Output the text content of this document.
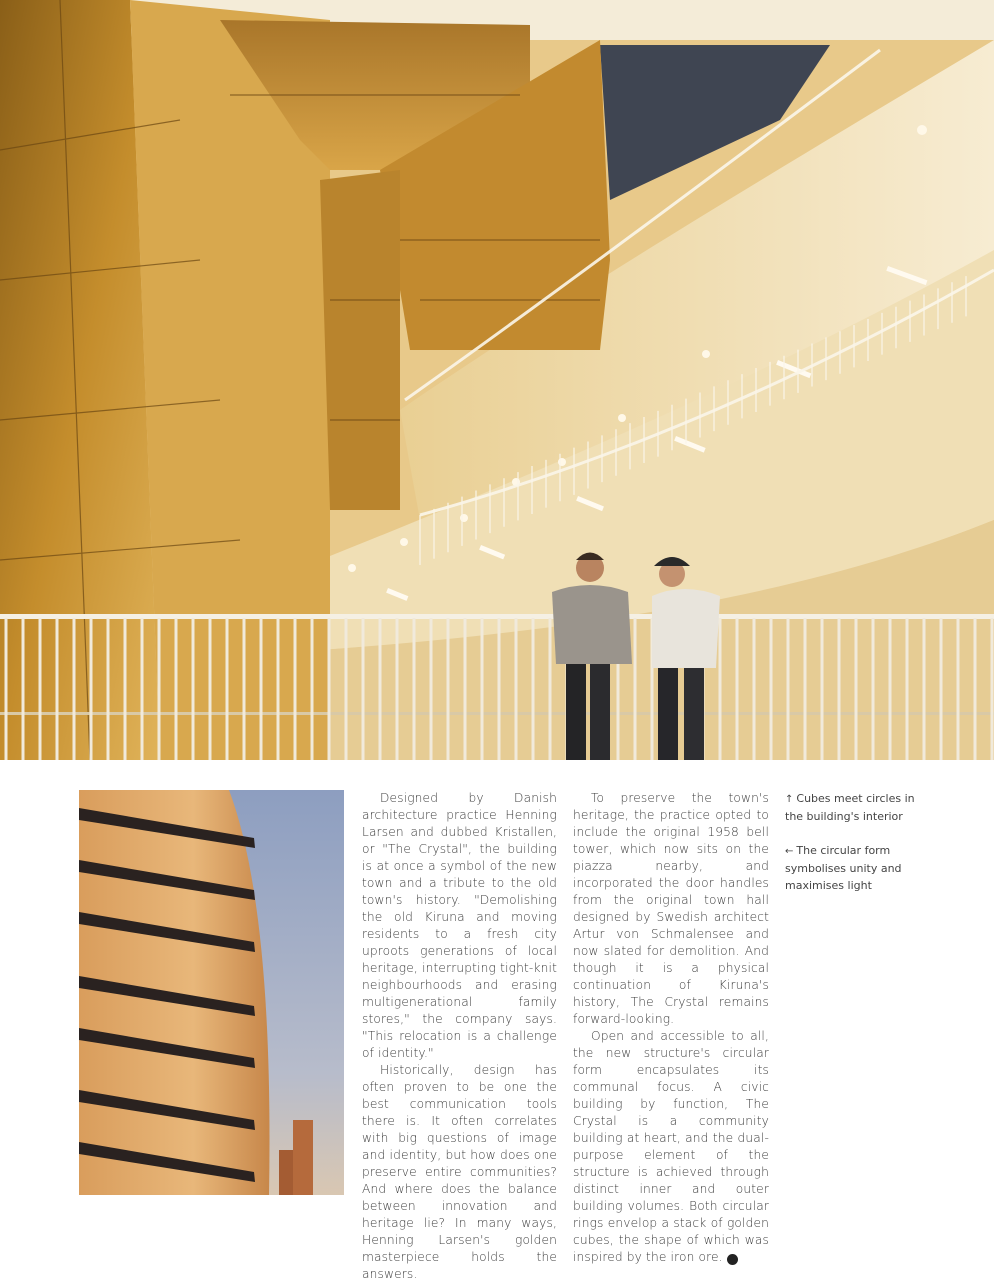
Designed by Danish architecture practice Henning Larsen and dubbed Kristallen, or "The Crystal", the building is at once a symbol of the new town and a tribute to the old town's history. "Demolishing the old Kiruna and moving residents to a fresh city uproots generations of local heritage, interrupting tight-knit neighbourhoods and erasing multigenerational family stores," the company says. "This relocation is a challenge of identity."

Historically, design has often proven to be one the best communication tools there is. It often correlates with big questions of image and identity, but how does one preserve entire communities? And where does the balance between innovation and heritage lie? In many ways, Henning Larsen's golden masterpiece holds the answers.

To preserve the town's heritage, the practice opted to include the original 1958 bell tower, which now sits on the piazza nearby, and incorporated the door handles from the original town hall designed by Swedish architect Artur von Schmalensee and now slated for demolition. And though it is a physical continuation of Kiruna's history, The Crystal remains forward-looking.

Open and accessible to all, the new structure's circular form encapsulates its communal focus. A civic building by function, The Crystal is a community building at heart, and the dual-purpose element of the structure is achieved through distinct inner and outer building volumes. Both circular rings envelop a stack of golden cubes, the shape of which was inspired by the iron ore.	➔

↑ Cubes meet circles in the building's interior
← The circular form symbolises unity and maximises light
